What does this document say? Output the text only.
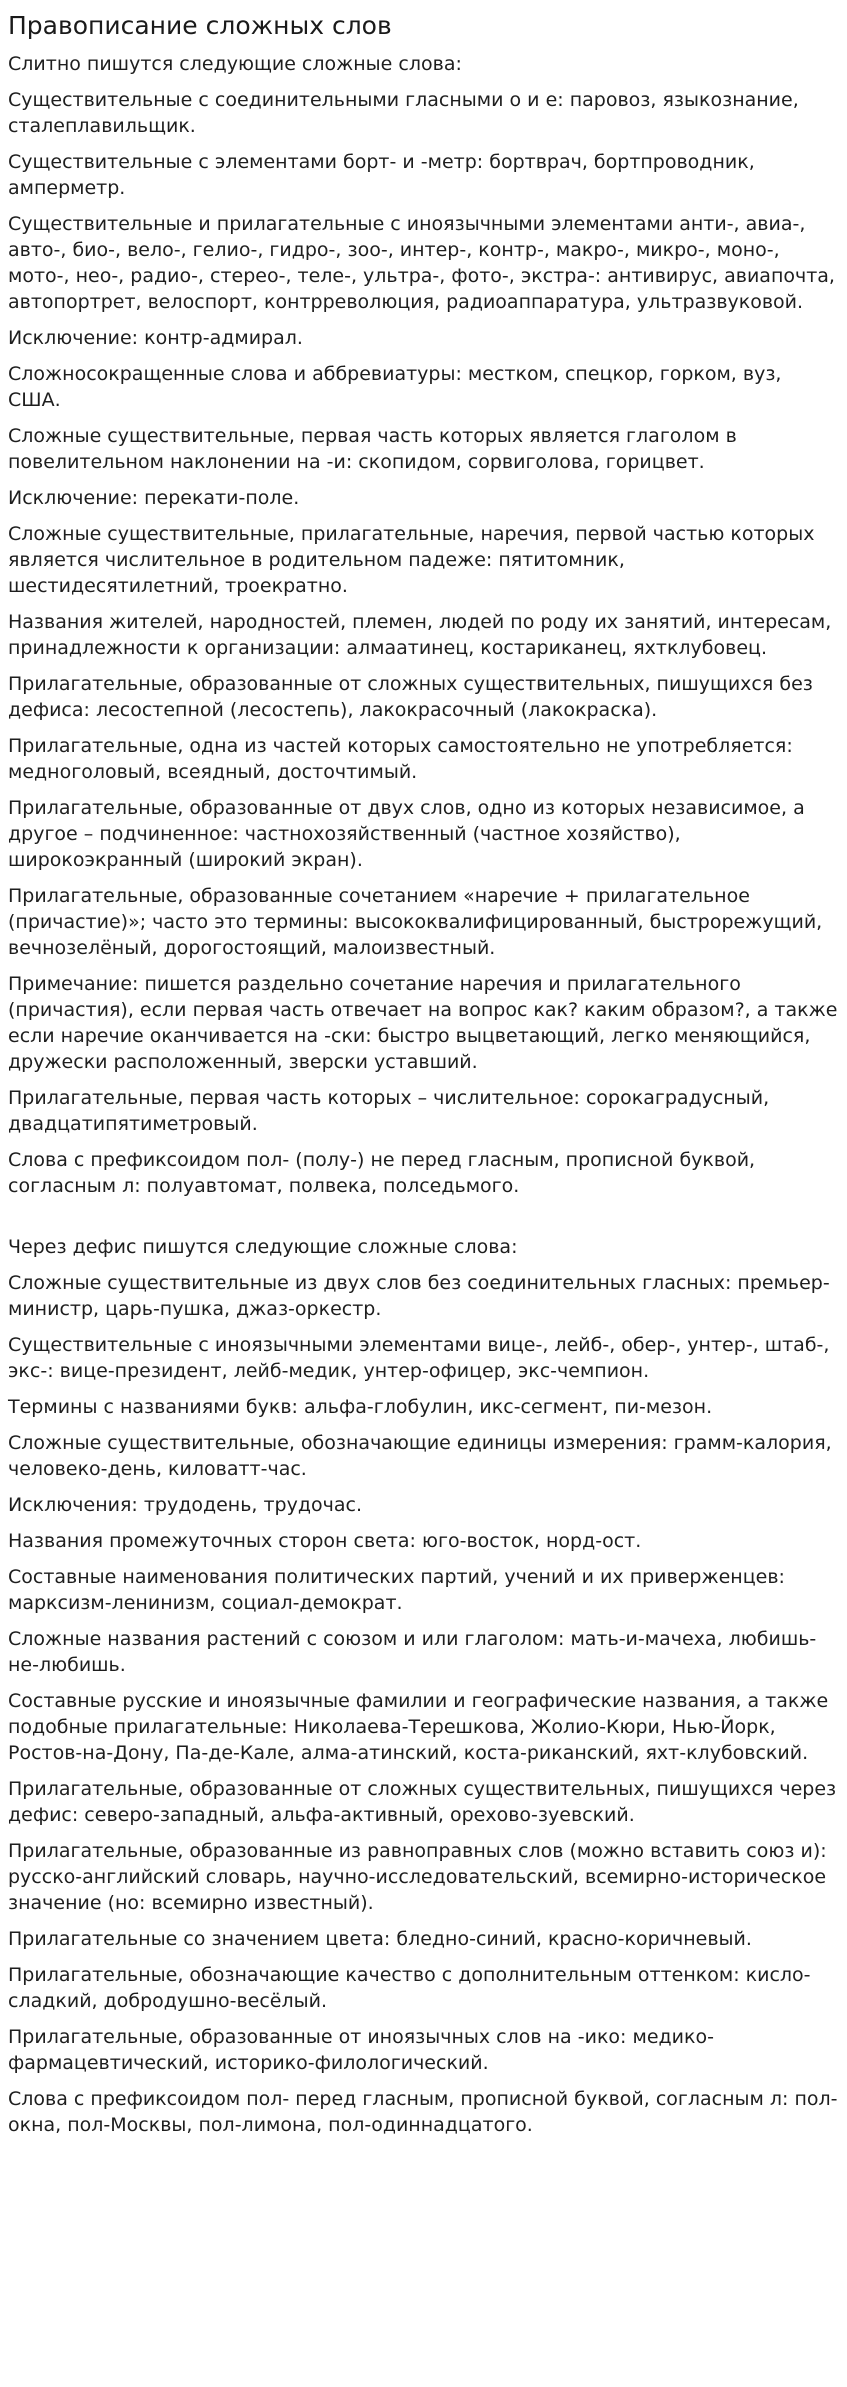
Правописание сложных слов

Слитно пишутся следующие сложные слова:

Существительные с соединительными гласными о и е: паровоз, языкознание, сталеплавильщик.

Существительные с элементами борт- и -метр: бортврач, бортпроводник, амперметр.

Существительные и прилагательные с иноязычными элементами анти-, авиа-, авто-, био-, вело-, гелио-, гидро-, зоо-, интер-, контр-, макро-, микро-, моно-, мото-, нео-, радио-, стерео-, теле-, ультра-, фото-, экстра-: антивирус, авиапочта, автопортрет, велоспорт, контрреволюция, радиоаппаратура, ультразвуковой.

Исключение: контр-адмирал.

Сложносокращенные слова и аббревиатуры: местком, спецкор, горком, вуз, США.

Сложные существительные, первая часть которых является глаголом в повелительном наклонении на -и: скопидом, сорвиголова, горицвет.

Исключение: перекати-поле.

Сложные существительные, прилагательные, наречия, первой частью которых является числительное в родительном падеже: пятитомник, шестидесятилетний, троекратно.

Названия жителей, народностей, племен, людей по роду их занятий, интересам, принадлежности к организации: алмаатинец, костариканец, яхтклубовец.

Прилагательные, образованные от сложных существительных, пишущихся без дефиса: лесостепной (лесостепь), лакокрасочный (лакокраска).

Прилагательные, одна из частей которых самостоятельно не употребляется: медноголовый, всеядный, досточтимый.

Прилагательные, образованные от двух слов, одно из которых независимое, а другое – подчиненное: частнохозяйственный (частное хозяйство), широкоэкранный (широкий экран).

Прилагательные, образованные сочетанием «наречие + прилагательное (причастие)»; часто это термины: высококвалифицированный, быстрорежущий, вечнозелёный, дорогостоящий, малоизвестный.

Примечание: пишется раздельно сочетание наречия и прилагательного (причастия), если первая часть отвечает на вопрос как? каким образом?, а также если наречие оканчивается на -ски: быстро выцветающий, легко меняющийся, дружески расположенный, зверски уставший.

Прилагательные, первая часть которых – числительное: сорокаградусный, двадцатипятиметровый.

Слова с префиксоидом пол- (полу-) не перед гласным, прописной буквой, согласным л: полуавтомат, полвека, полседьмого.

Через дефис пишутся следующие сложные слова:

Сложные существительные из двух слов без соединительных гласных: премьер-министр, царь-пушка, джаз-оркестр.

Существительные с иноязычными элементами вице-, лейб-, обер-, унтер-, штаб-, экс-: вице-президент, лейб-медик, унтер-офицер, экс-чемпион.

Термины с названиями букв: альфа-глобулин, икс-сегмент, пи-мезон.

Сложные существительные, обозначающие единицы измерения: грамм-калория, человеко-день, киловатт-час.

Исключения: трудодень, трудочас.

Названия промежуточных сторон света: юго-восток, норд-ост.

Составные наименования политических партий, учений и их приверженцев: марксизм-ленинизм, социал-демократ.

Сложные названия растений с союзом и или глаголом: мать-и-мачеха, любишь-не-любишь.

Составные русские и иноязычные фамилии и географические названия, а также подобные прилагательные: Николаева-Терешкова, Жолио-Кюри, Нью-Йорк, Ростов-на-Дону, Па-де-Кале, алма-атинский, коста-риканский, яхт-клубовский.

Прилагательные, образованные от сложных существительных, пишущихся через дефис: северо-западный, альфа-активный, орехово-зуевский.

Прилагательные, образованные из равноправных слов (можно вставить союз и): русско-английский словарь, научно-исследовательский, всемирно-историческое значение (но: всемирно известный).

Прилагательные со значением цвета: бледно-синий, красно-коричневый.

Прилагательные, обозначающие качество с дополнительным оттенком: кисло-сладкий, добродушно-весёлый.

Прилагательные, образованные от иноязычных слов на -ико: медико-фармацевтический, историко-филологический.

Слова с префиксоидом пол- перед гласным, прописной буквой, согласным л: пол-окна, пол-Москвы, пол-лимона, пол-одиннадцатого.
